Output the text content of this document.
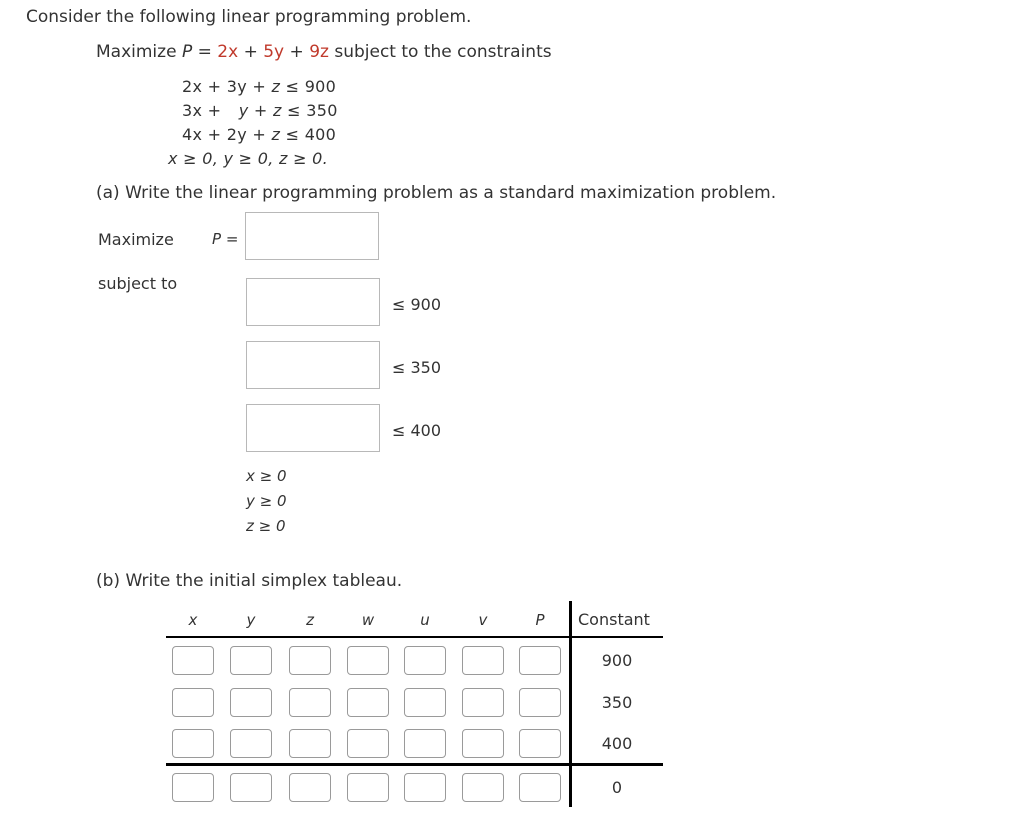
Consider the following linear programming problem.
Maximize P = 2x + 5y + 9z subject to the constraints
2x + 3y + z ≤ 900
3x + y + z ≤ 350
4x + 2y + z ≤ 400
x ≥ 0, y ≥ 0, z ≥ 0.
(a) Write the linear programming problem as a standard maximization problem.
Maximize	P =
subject to
≤ 900
≤ 350
≤ 400
x ≥ 0
y ≥ 0
z ≥ 0
(b) Write the initial simplex tableau.
x	y	z	w	u	v	P	Constant
900
350
400
0
